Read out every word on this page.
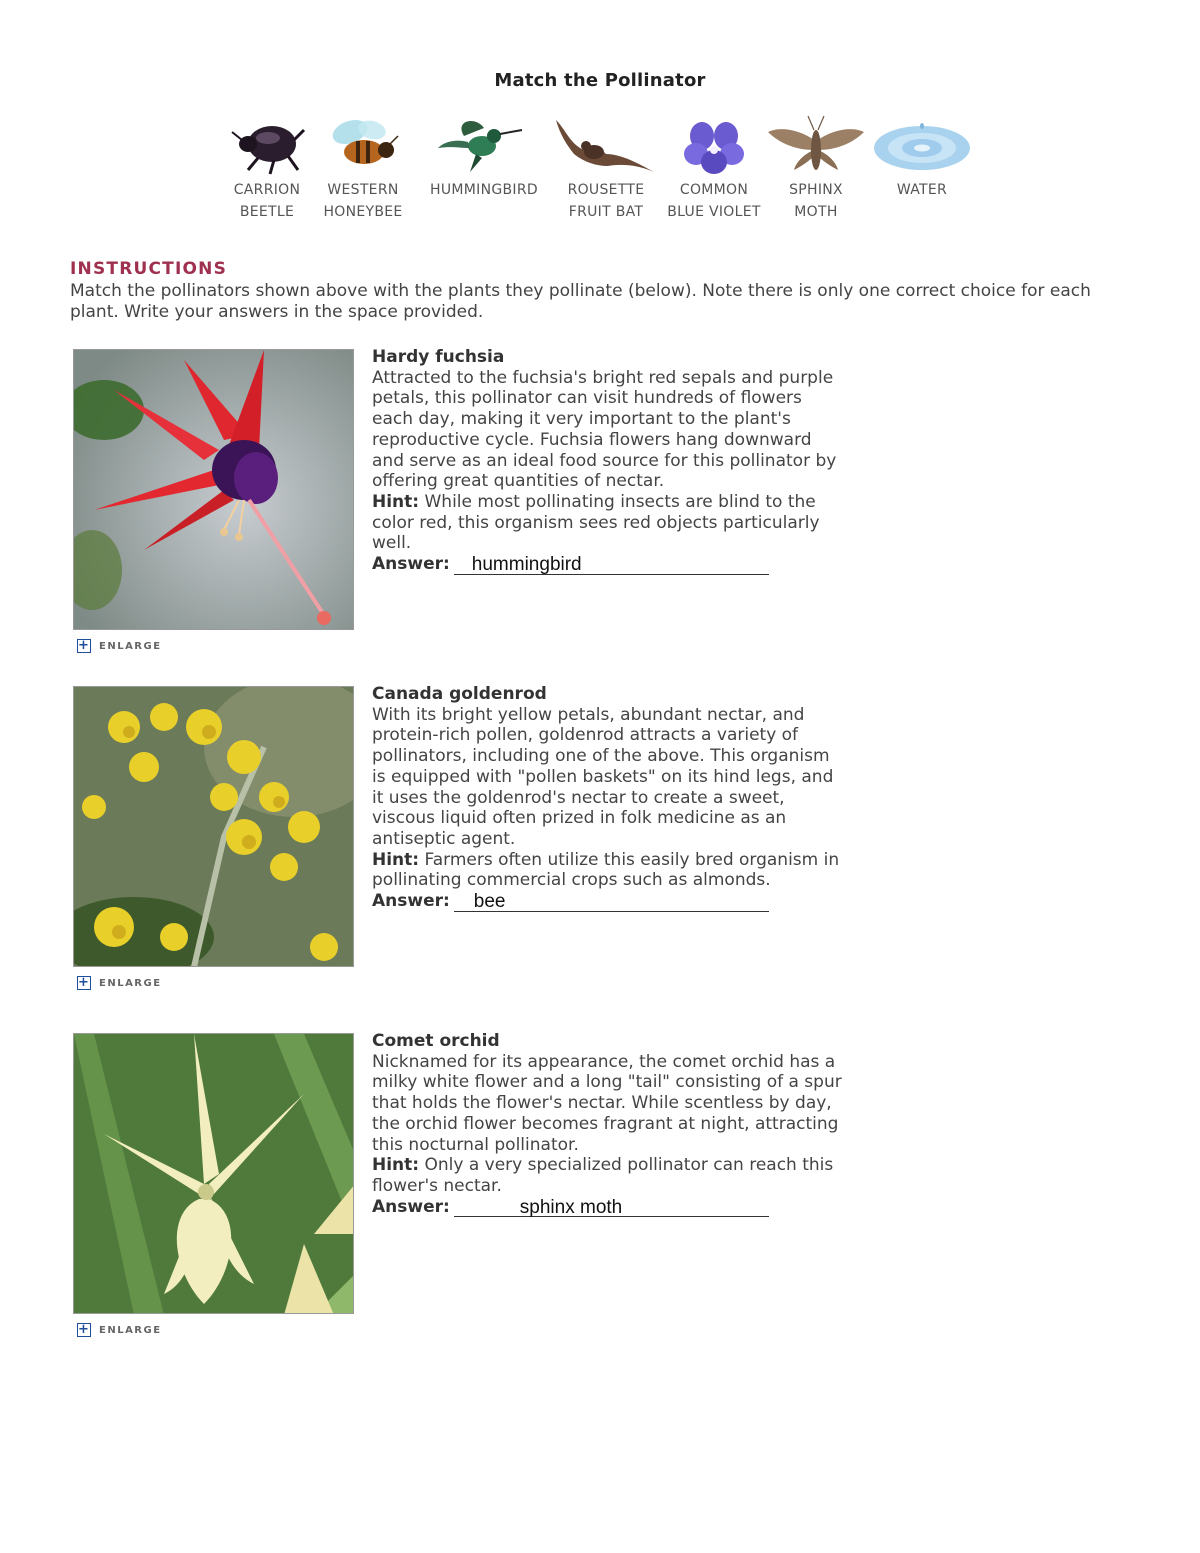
Match the Pollinator
CARRION
BEETLE
WESTERN
HONEYBEE
HUMMINGBIRD	ROUSETTE
FRUIT BAT
COMMON
BLUE VIOLET
SPHINX
MOTH
WATER
INSTRUCTIONS
Match the pollinators shown above with the plants they pollinate (below). Note there is only one correct choice for each plant. Write your answers in the space provided.
+ ENLARGE
Hardy fuchsia
Attracted to the fuchsia's bright red sepals and purple petals, this pollinator can visit hundreds of flowers each day, making it very important to the plant's reproductive cycle. Fuchsia flowers hang downward and serve as an ideal food source for this pollinator by offering great quantities of nectar.
Hint: While most pollinating insects are blind to the color red, this organism sees red objects particularly well.
Answer: hummingbird
+ ENLARGE
Canada goldenrod
With its bright yellow petals, abundant nectar, and protein-rich pollen, goldenrod attracts a variety of pollinators, including one of the above. This organism is equipped with "pollen baskets" on its hind legs, and it uses the goldenrod's nectar to create a sweet, viscous liquid often prized in folk medicine as an antiseptic agent.
Hint: Farmers often utilize this easily bred organism in pollinating commercial crops such as almonds.
Answer: bee
+ ENLARGE
Comet orchid
Nicknamed for its appearance, the comet orchid has a milky white flower and a long "tail" consisting of a spur that holds the flower's nectar. While scentless by day, the orchid flower becomes fragrant at night, attracting this nocturnal pollinator.
Hint: Only a very specialized pollinator can reach this flower's nectar.
Answer:	sphinx moth
